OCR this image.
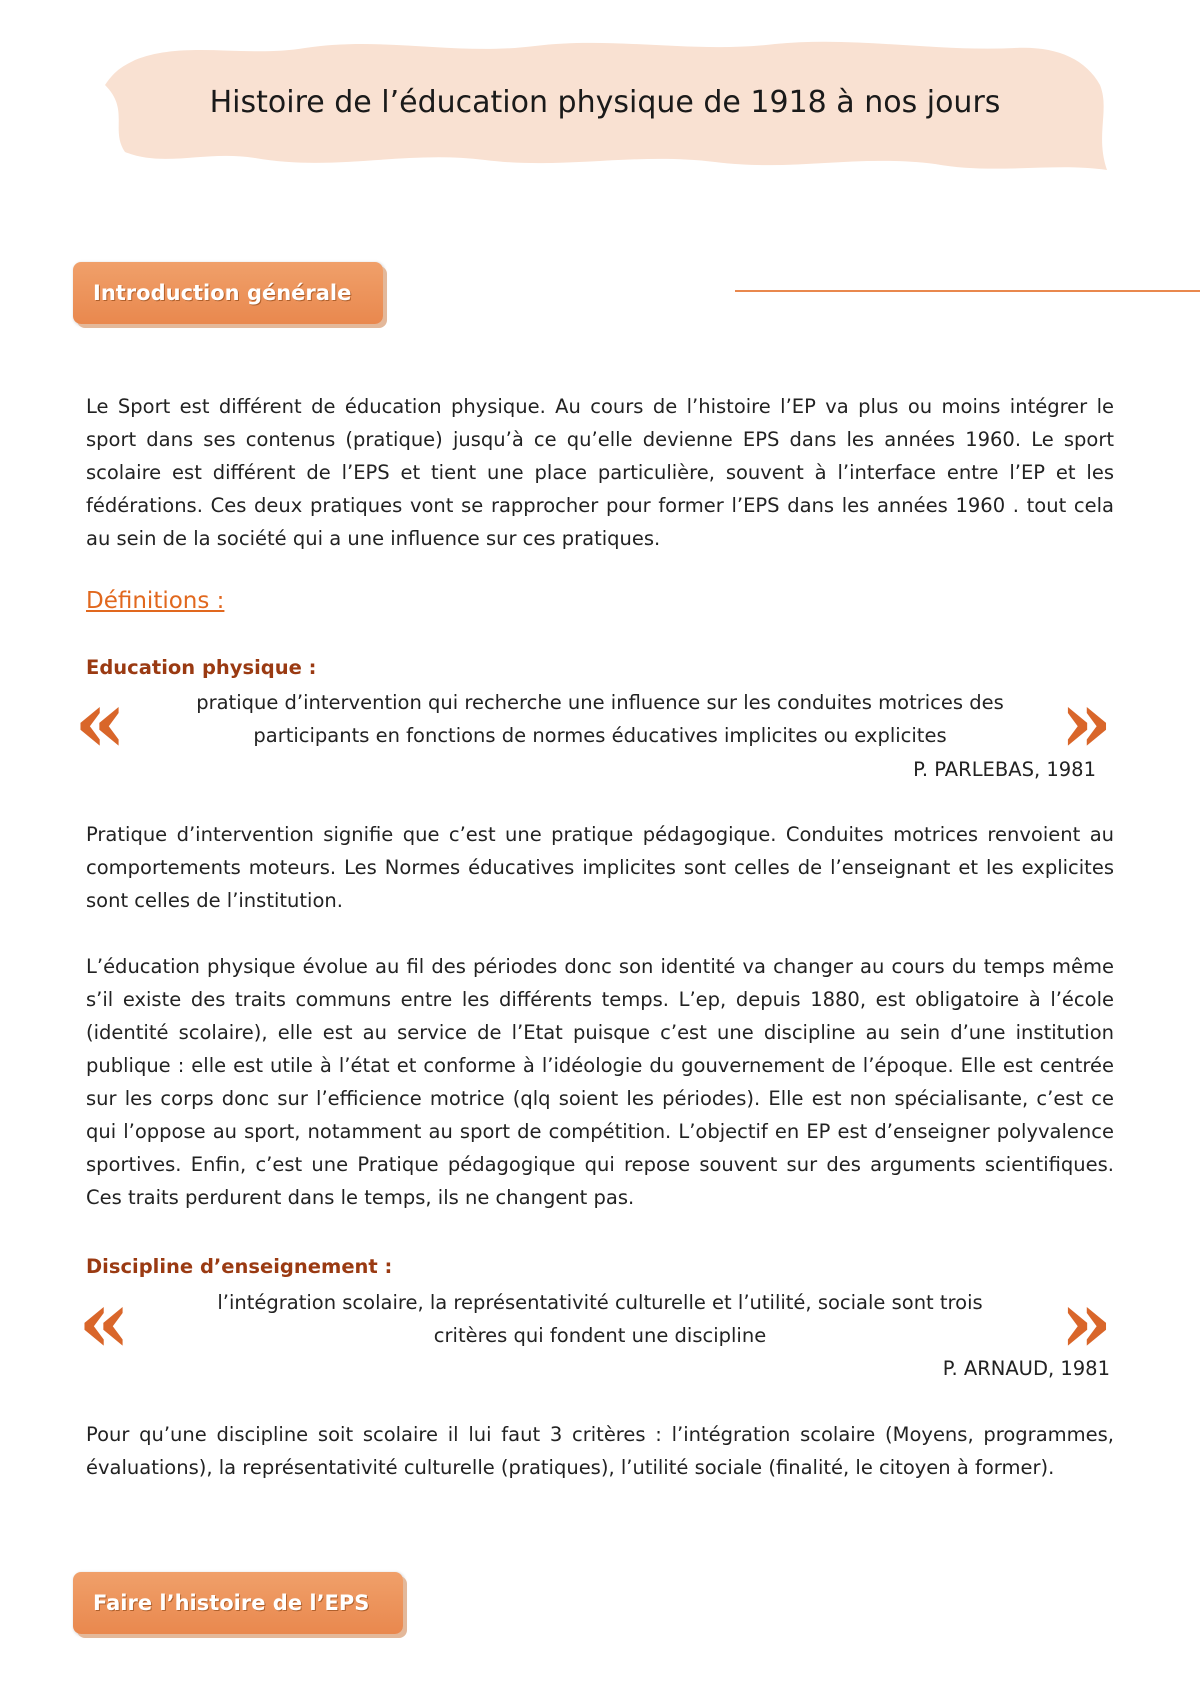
Histoire de l’éducation physique de 1918 à nos jours
Introduction générale
Le Sport est différent de éducation physique. Au cours de l’histoire l’EP va plus ou moins intégrer le sport dans ses contenus (pratique) jusqu’à ce qu’elle devienne EPS dans les années 1960. Le sport scolaire est différent de l’EPS et tient une place particulière, souvent à l’interface entre l’EP et les fédérations. Ces deux pratiques vont se rapprocher pour former l’EPS dans les années 1960 . tout cela au sein de la société qui a une influence sur ces pratiques.
Définitions :
Education physique :
«	pratique d’intervention qui recherche une influence sur les conduites motrices des
participants en fonctions de normes éducatives implicites ou explicites	»
P. PARLEBAS, 1981
Pratique d’intervention signifie que c’est une pratique pédagogique. Conduites motrices renvoient au comportements moteurs. Les Normes éducatives implicites sont celles de l’enseignant et les explicites sont celles de l’institution.
L’éducation physique évolue au fil des périodes donc son identité va changer au cours du temps même s’il existe des traits communs entre les différents temps. L’ep, depuis 1880, est obligatoire à l’école (identité scolaire), elle est au service de l’Etat puisque c’est une discipline au sein d’une institution publique : elle est utile à l’état et conforme à l’idéologie du gouvernement de l’époque. Elle est centrée sur les corps donc sur l’efficience motrice (qlq soient les périodes). Elle est non spécialisante, c’est ce qui l’oppose au sport, notamment au sport de compétition. L’objectif en EP est d’enseigner polyvalence sportives. Enfin, c’est une Pratique pédagogique qui repose souvent sur des arguments scientifiques. Ces traits perdurent dans le temps, ils ne changent pas.
Discipline d’enseignement :
«	l’intégration scolaire, la représentativité culturelle et l’utilité, sociale sont trois
critères qui fondent une discipline	»
P. ARNAUD, 1981
Pour qu’une discipline soit scolaire il lui faut 3 critères : l’intégration scolaire (Moyens, programmes, évaluations), la représentativité culturelle (pratiques), l’utilité sociale (finalité, le citoyen à former).
Faire l’histoire de l’EPS
